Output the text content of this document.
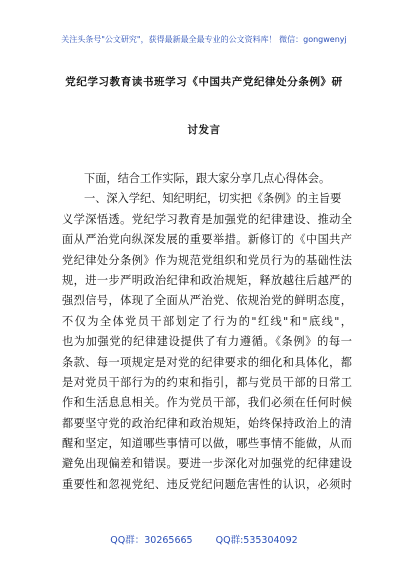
关注头条号"公文研究"，获得最新最全最专业的公文资料库！ 微信：gongwenyj
党纪学习教育读书班学习《中国共产党纪律处分条例》研
讨发言
下面，结合工作实际，跟大家分享几点心得体会。
一、深入学纪、知纪明纪，切实把《条例》的主旨要
义学深悟透。党纪学习教育是加强党的纪律建设、推动全
面从严治党向纵深发展的重要举措。新修订的《中国共产
党纪律处分条例》作为规范党组织和党员行为的基础性法
规，进一步严明政治纪律和政治规矩，释放越往后越严的
强烈信号，体现了全面从严治党、依规治党的鲜明态度，
不仅为全体党员干部划定了行为的"红线"和"底线"，
也为加强党的纪律建设提供了有力遵循。《条例》的每一
条款、每一项规定是对党的纪律要求的细化和具体化，都
是对党员干部行为的约束和指引，都与党员干部的日常工
作和生活息息相关。作为党员干部，我们必须在任何时候
都要坚守党的政治纪律和政治规矩，始终保持政治上的清
醒和坚定，知道哪些事情可以做，哪些事情不能做，从而
避免出现偏差和错误。要进一步深化对加强党的纪律建设
重要性和忽视党纪、违反党纪问题危害性的认识，必须时
QQ群：30265665 QQ群:535304092
